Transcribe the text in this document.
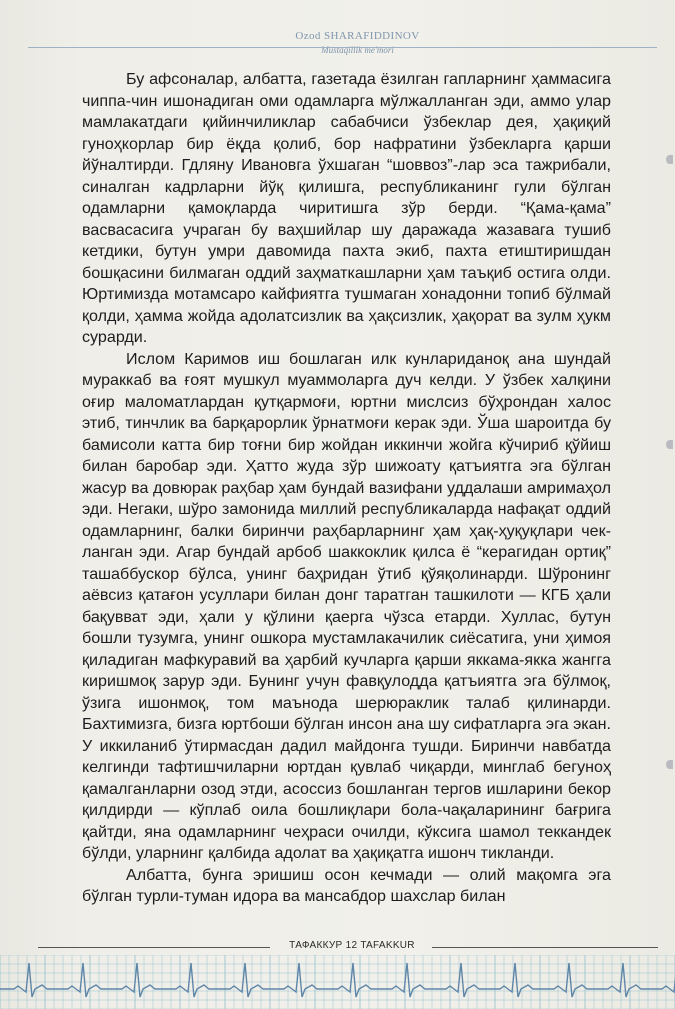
Ozod SHARAFIDDINOV
Mustaqillik me'mori

Бу афсоналар, албатта, газетада ёзилган гапларнинг ҳаммасига чиппа-чин ишонадиган оми одамларга мўлжалланган эди, аммо улар мамлакатдаги қийинчиликлар сабабчиси ўзбеклар дея, ҳақиқий гуноҳкорлар бир ёқда қолиб, бор нафратини ўзбекларга қарши йўналтирди. Гдляну Ивановга ўхшаган “шоввоз”-лар эса тажрибали, синалган кадрларни йўқ қилишга, республиканинг гули бўлган одамларни қамоқларда чиритишга зўр берди. “Қама-қама” васвасасига учраган бу ваҳшийлар шу даражада жазавага тушиб кетдики, бутун умри давомида пахта экиб, пахта етиштиришдан бошқасини билмаган оддий заҳматкашларни ҳам таъқиб остига олди. Юртимизда мотамсаро кайфиятга тушмаган хонадонни топиб бўлмай қолди, ҳамма жойда адолатсизлик ва ҳақсизлик, ҳақорат ва зулм ҳукм сурарди.

Ислом Каримов иш бошлаган илк кунлариданоқ ана шундай мураккаб ва ғоят мушкул муаммоларга дуч келди. У ўзбек халқини оғир маломатлардан қутқармоғи, юртни мислсиз бўҳрондан халос этиб, тинчлик ва барқарорлик ўрнатмоғи керак эди. Ўша шароитда бу бамисоли катта бир тоғни бир жойдан иккинчи жойга кўчириб қўйиш билан баробар эди. Ҳатто жуда зўр шижоату қатъиятга эга бўлган жасур ва довюрак раҳбар ҳам бундай вазифани уддалаши амримаҳол эди. Негаки, шўро замонида миллий республикаларда нафақат оддий одамларнинг, балки биринчи раҳбарларнинг ҳам ҳақ-ҳуқуқлари чекланган эди. Агар бундай арбоб шаккоклик қилса ё “керагидан ортиқ” ташаббускор бўлса, унинг баҳридан ўтиб қўяқолинарди. Шўронинг аёвсиз қатағон усуллари билан донг таратган ташкилоти — КГБ ҳали бақувват эди, ҳали у қўлини қаерга чўзса етарди. Хуллас, бутун бошли тузумга, унинг ошкора мустамлакачилик сиёсатига, уни ҳимоя қиладиган мафкуравий ва ҳарбий кучларга қарши яккама-якка жангга киришмоқ зарур эди. Бунинг учун фавқулодда қатъиятга эга бўлмоқ, ўзига ишонмоқ, том маънода шерюраклик талаб қилинарди. Бахтимизга, бизга юртбоши бўлган инсон ана шу сифатларга эга экан. У иккиланиб ўтирмасдан дадил майдонга тушди. Биринчи навбатда келгинди тафтишчиларни юртдан қувлаб чиқарди, минглаб бегуноҳ қамалганларни озод этди, асоссиз бошланган тергов ишларини бекор қилдирди — кўплаб оила бошлиқлари бола-чақаларининг бағрига қайтди, яна одамларнинг чеҳраси очилди, кўксига шамол теккандек бўлди, уларнинг қалбида адолат ва ҳақиқатга ишонч тикланди.

Албатта, бунга эришиш осон кечмади — олий мақомга эга бўлган турли-туман идора ва мансабдор шахслар билан

ТАФАККУР 12 TAFAKKUR
